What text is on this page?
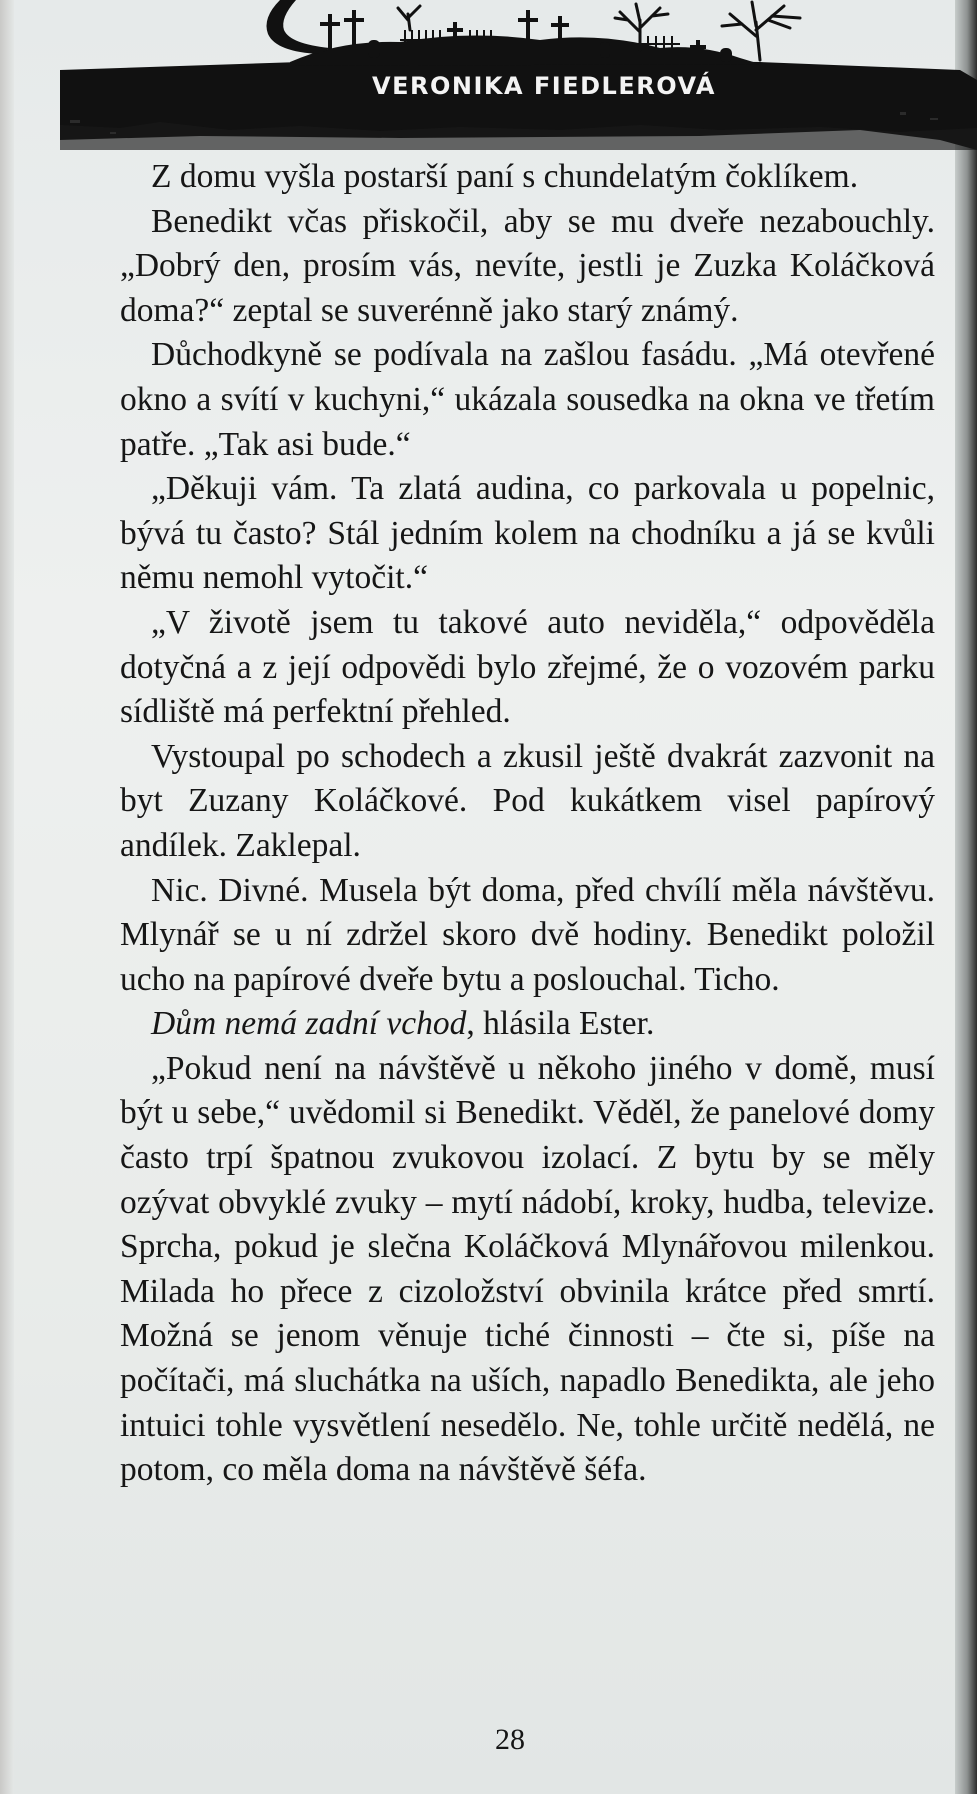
VERONIKA FIEDLEROVÁ

Z domu vyšla postarší paní s chundelatým čoklíkem.

Benedikt včas přiskočil, aby se mu dveře nezabouchly. „Dobrý den, prosím vás, nevíte, jestli je Zuzka Koláčková doma?“ zeptal se suverénně jako starý známý.

Důchodkyně se podívala na zašlou fasádu. „Má otevřené okno a svítí v kuchyni,“ ukázala sousedka na okna ve třetím patře. „Tak asi bude.“

„Děkuji vám. Ta zlatá audina, co parkovala u popelnic, bývá tu často? Stál jedním kolem na chodníku a já se kvůli němu nemohl vytočit.“

„V životě jsem tu takové auto neviděla,“ odpověděla dotyčná a z její odpovědi bylo zřejmé, že o vozovém parku sídliště má perfektní přehled.

Vystoupal po schodech a zkusil ještě dvakrát zazvonit na byt Zuzany Koláčkové. Pod kukátkem visel papírový andílek. Zaklepal.

Nic. Divné. Musela být doma, před chvílí měla návštěvu. Mlynář se u ní zdržel skoro dvě hodiny. Benedikt položil ucho na papírové dveře bytu a poslouchal. Ticho.

Dům nemá zadní vchod, hlásila Ester.

„Pokud není na návštěvě u někoho jiného v domě, musí být u sebe,“ uvědomil si Benedikt. Věděl, že panelové domy často trpí špatnou zvukovou izolací. Z bytu by se měly ozývat obvyklé zvuky – mytí nádobí, kroky, hudba, televize. Sprcha, pokud je slečna Koláčková Mlynářovou milenkou. Milada ho přece z cizoložství obvinila krátce před smrtí. Možná se jenom věnuje tiché činnosti – čte si, píše na počítači, má sluchátka na uších, napadlo Benedikta, ale jeho intuici tohle vysvětlení nesedělo. Ne, tohle určitě nedělá, ne potom, co měla doma na návštěvě šéfa.

28
